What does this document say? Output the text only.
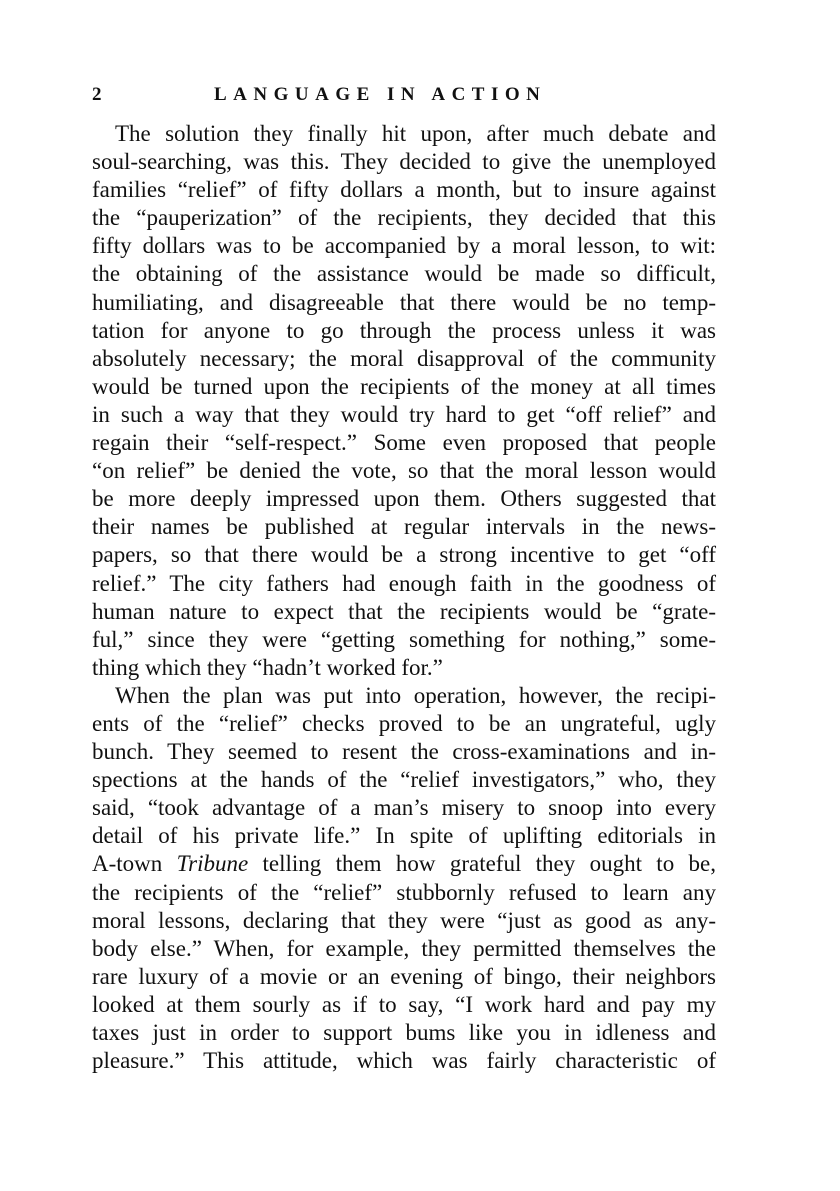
2	LANGUAGE IN ACTION
The solution they finally hit upon, after much debate and
soul-searching, was this. They decided to give the unemployed
families “relief” of fifty dollars a month, but to insure against
the “pauperization” of the recipients, they decided that this
fifty dollars was to be accompanied by a moral lesson, to wit:
the obtaining of the assistance would be made so difficult,
humiliating, and disagreeable that there would be no temp-
tation for anyone to go through the process unless it was
absolutely necessary; the moral disapproval of the community
would be turned upon the recipients of the money at all times
in such a way that they would try hard to get “off relief” and
regain their “self-respect.” Some even proposed that people
“on relief” be denied the vote, so that the moral lesson would
be more deeply impressed upon them. Others suggested that
their names be published at regular intervals in the news-
papers, so that there would be a strong incentive to get “off
relief.” The city fathers had enough faith in the goodness of
human nature to expect that the recipients would be “grate-
ful,” since they were “getting something for nothing,” some-
thing which they “hadn’t worked for.”
When the plan was put into operation, however, the recipi-
ents of the “relief” checks proved to be an ungrateful, ugly
bunch. They seemed to resent the cross-examinations and in-
spections at the hands of the “relief investigators,” who, they
said, “took advantage of a man’s misery to snoop into every
detail of his private life.” In spite of uplifting editorials in
A-town Tribune telling them how grateful they ought to be,
the recipients of the “relief” stubbornly refused to learn any
moral lessons, declaring that they were “just as good as any-
body else.” When, for example, they permitted themselves the
rare luxury of a movie or an evening of bingo, their neighbors
looked at them sourly as if to say, “I work hard and pay my
taxes just in order to support bums like you in idleness and
pleasure.” This attitude, which was fairly characteristic of
